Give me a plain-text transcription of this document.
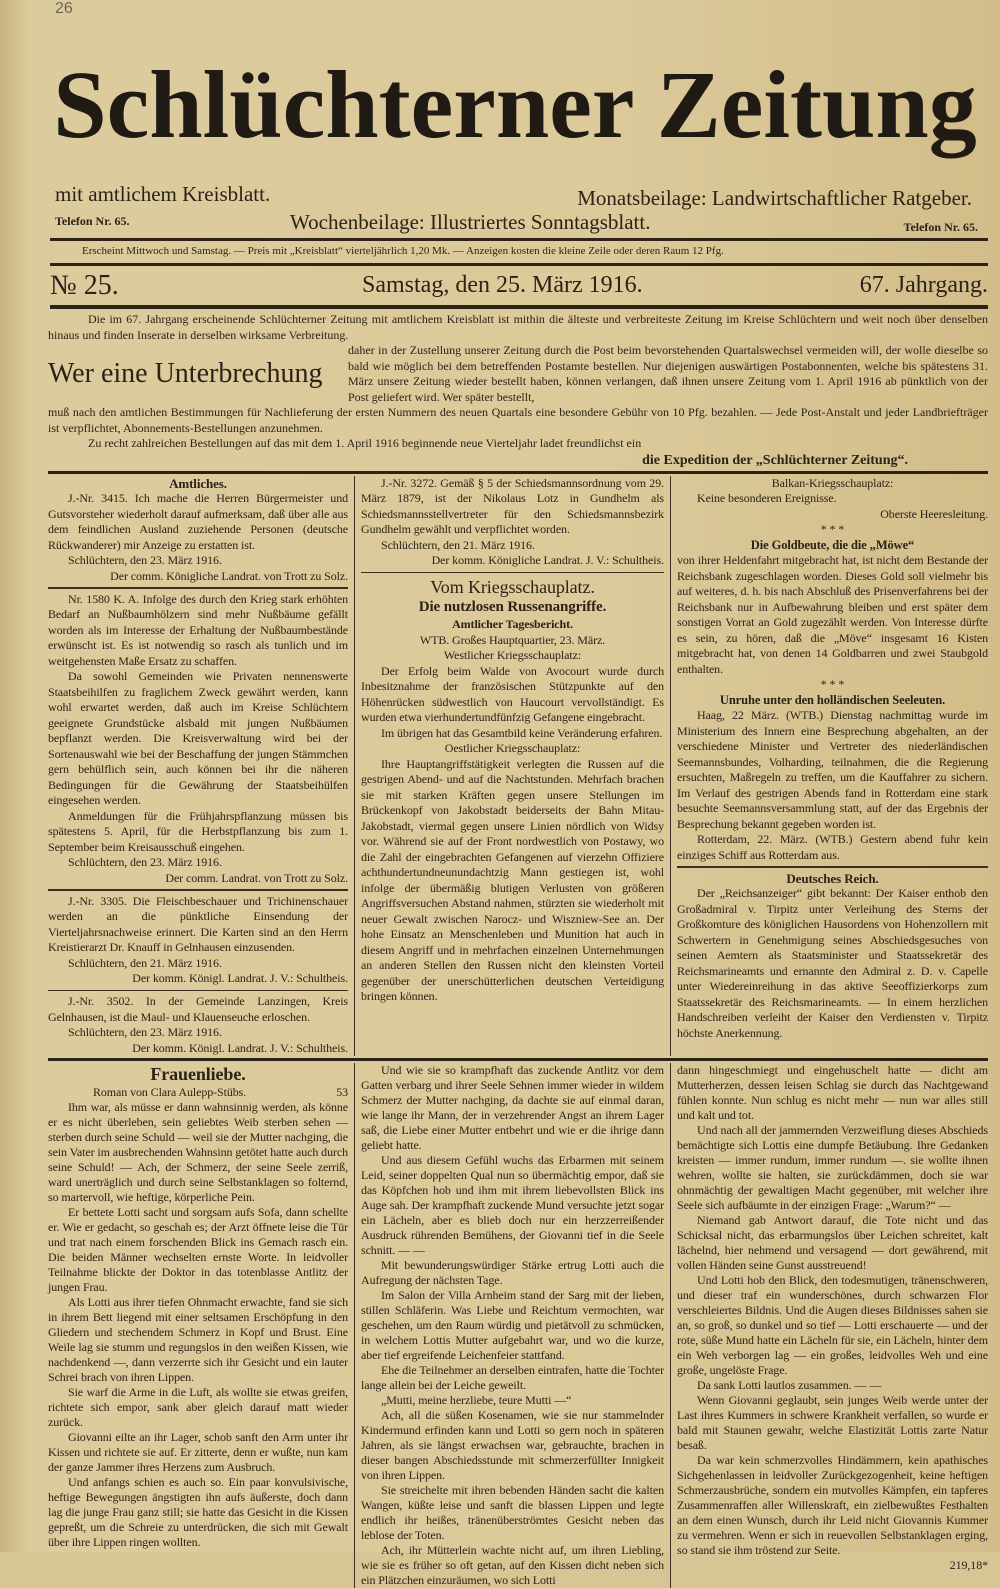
26
Schlüchterner Zeitung
mit amtlichem Kreisblatt.	Monatsbeilage: Landwirtschaftlicher Ratgeber.
Telefon Nr. 65.	Wochenbeilage: Illustriertes Sonntagsblatt.	Telefon Nr. 65.
Erscheint Mittwoch und Samstag. — Preis mit „Kreisblatt“ vierteljährlich 1,20 Mk. — Anzeigen kosten die kleine Zeile oder deren Raum 12 Pfg.
№ 25.	Samstag, den 25. März 1916.	67. Jahrgang.

Die im 67. Jahrgang erscheinende Schlüchterner Zeitung mit amtlichem Kreisblatt ist mithin die älteste und verbreiteste Zeitung im Kreise Schlüchtern und weit noch über denselben hinaus und finden Inserate in derselben wirksame Verbreitung.

Wer eine Unterbrechung
daher in der Zustellung unserer Zeitung durch die Post beim bevorstehenden Quartalswechsel vermeiden will, der wolle dieselbe so bald wie möglich bei dem betreffenden Postamte bestellen. Nur diejenigen auswärtigen Postabonnenten, welche bis spätestens 31. März unsere Zeitung wieder bestellt haben, können verlangen, daß ihnen unsere Zeitung vom 1. April 1916 ab pünktlich von der Post geliefert wird. Wer später bestellt,
muß nach den amtlichen Bestimmungen für Nachlieferung der ersten Nummern des neuen Quartals eine besondere Gebühr von 10 Pfg. bezahlen. — Jede Post-Anstalt und jeder Landbriefträger ist verpflichtet, Abonnements-Bestellungen anzunehmen.

Zu recht zahlreichen Bestellungen auf das mit dem 1. April 1916 beginnende neue Vierteljahr ladet freundlichst ein

die Expedition der „Schlüchterner Zeitung“.
Amtliches.

J.-Nr. 3415. Ich mache die Herren Bürgermeister und Gutsvorsteher wiederholt darauf aufmerksam, daß über alle aus dem feindlichen Ausland zuziehende Personen (deutsche Rückwanderer) mir Anzeige zu erstatten ist.

Schlüchtern, den 23. März 1916.

Der comm. Königliche Landrat. von Trott zu Solz.

Nr. 1580 K. A. Infolge des durch den Krieg stark erhöhten Bedarf an Nußbaumhölzern sind mehr Nußbäume gefällt worden als im Interesse der Erhaltung der Nußbaumbestände erwünscht ist. Es ist notwendig so rasch als tunlich und im weitgehensten Maße Ersatz zu schaffen.

Da sowohl Gemeinden wie Privaten nennenswerte Staatsbeihilfen zu fraglichem Zweck gewährt werden, kann wohl erwartet werden, daß auch im Kreise Schlüchtern geeignete Grundstücke alsbald mit jungen Nußbäumen bepflanzt werden. Die Kreisverwaltung wird bei der Sortenauswahl wie bei der Beschaffung der jungen Stämmchen gern behülflich sein, auch können bei ihr die näheren Bedingungen für die Gewährung der Staatsbeihülfen eingesehen werden.

Anmeldungen für die Frühjahrspflanzung müssen bis spätestens 5. April, für die Herbstpflanzung bis zum 1. September beim Kreisausschuß eingehen.

Schlüchtern, den 23. März 1916.

Der comm. Landrat. von Trott zu Solz.

J.-Nr. 3305. Die Fleischbeschauer und Trichinenschauer werden an die pünktliche Einsendung der Vierteljahrsnachweise erinnert. Die Karten sind an den Herrn Kreistierarzt Dr. Knauff in Gelnhausen einzusenden.

Schlüchtern, den 21. März 1916.

Der komm. Königl. Landrat. J. V.: Schultheis.

J.-Nr. 3502. In der Gemeinde Lanzingen, Kreis Gelnhausen, ist die Maul- und Klauenseuche erloschen.

Schlüchtern, den 23. März 1916.

Der komm. Königl. Landrat. J. V.: Schultheis.

J.-Nr. 3272. Gemäß § 5 der Schiedsmannsordnung vom 29. März 1879, ist der Nikolaus Lotz in Gundhelm als Schiedsmannsstellvertreter für den Schiedsmannsbezirk Gundhelm gewählt und verpflichtet worden.

Schlüchtern, den 21. März 1916.

Der komm. Königliche Landrat. J. V.: Schultheis.
Vom Kriegsschauplatz.
Die nutzlosen Russenangriffe.
Amtlicher Tagesbericht.
WTB. Großes Hauptquartier, 23. März.
Westlicher Kriegsschauplatz:

Der Erfolg beim Walde von Avocourt wurde durch Inbesitznahme der französischen Stützpunkte auf den Höhenrücken südwestlich von Haucourt vervollständigt. Es wurden etwa vierhundertundfünfzig Gefangene eingebracht.

Im übrigen hat das Gesamtbild keine Veränderung erfahren.

Oestlicher Kriegsschauplatz:

Ihre Hauptangriffstätigkeit verlegten die Russen auf die gestrigen Abend- und auf die Nachtstunden. Mehrfach brachen sie mit starken Kräften gegen unsere Stellungen im Brückenkopf von Jakobstadt beiderseits der Bahn Mitau-Jakobstadt, viermal gegen unsere Linien nördlich von Widsy vor. Während sie auf der Front nordwestlich von Postawy, wo die Zahl der eingebrachten Gefangenen auf vierzehn Offiziere achthundertundneunundachtzig Mann gestiegen ist, wohl infolge der übermäßig blutigen Verlusten von größeren Angriffsversuchen Abstand nahmen, stürzten sie wiederholt mit neuer Gewalt zwischen Narocz- und Wiszniew-See an. Der hohe Einsatz an Menschenleben und Munition hat auch in diesem Angriff und in mehrfachen einzelnen Unternehmungen an anderen Stellen den Russen nicht den kleinsten Vorteil gegenüber der unerschütterlichen deutschen Verteidigung bringen können.

Balkan-Kriegsschauplatz:

Keine besonderen Ereignisse.

Oberste Heeresleitung.
* * *
Die Goldbeute, die die „Möwe“
von ihrer Heldenfahrt mitgebracht hat, ist nicht dem Bestande der Reichsbank zugeschlagen worden. Dieses Gold soll vielmehr bis auf weiteres, d. h. bis nach Abschluß des Prisenverfahrens bei der Reichsbank nur in Aufbewahrung bleiben und erst später dem sonstigen Vorrat an Gold zugezählt werden. Von Interesse dürfte es sein, zu hören, daß die „Möve“ insgesamt 16 Kisten mitgebracht hat, von denen 14 Goldbarren und zwei Staubgold enthalten.
* * *
Unruhe unter den holländischen Seeleuten.

Haag, 22 März. (WTB.) Dienstag nachmittag wurde im Ministerium des Innern eine Besprechung abgehalten, an der verschiedene Minister und Vertreter des niederländischen Seemannsbundes, Volharding, teilnahmen, die die Regierung ersuchten, Maßregeln zu treffen, um die Kauffahrer zu sichern. Im Verlauf des gestrigen Abends fand in Rotterdam eine stark besuchte Seemannsversammlung statt, auf der das Ergebnis der Besprechung bekannt gegeben worden ist.

Rotterdam, 22. März. (WTB.) Gestern abend fuhr kein einziges Schiff aus Rotterdam aus.

Deutsches Reich.

Der „Reichsanzeiger“ gibt bekannt: Der Kaiser enthob den Großadmiral v. Tirpitz unter Verleihung des Sterns der Großkomture des königlichen Hausordens von Hohenzollern mit Schwertern in Genehmigung seines Abschiedsgesuches von seinen Aemtern als Staatsminister und Staatssekretär des Reichsmarineamts und ernannte den Admiral z. D. v. Capelle unter Wiedereinreihung in das aktive Seeoffizierkorps zum Staatssekretär des Reichsmarineamts. — In einem herzlichen Handschreiben verleiht der Kaiser den Verdiensten v. Tirpitz höchste Anerkennung.

Frauenliebe.
Roman von Clara Aulepp-Stübs.	53

Ihm war, als müsse er dann wahnsinnig werden, als könne er es nicht überleben, sein geliebtes Weib sterben sehen — sterben durch seine Schuld — weil sie der Mutter nachging, die sein Vater im ausbrechenden Wahnsinn getötet hatte auch durch seine Schuld! — Ach, der Schmerz, der seine Seele zerriß, ward unerträglich und durch seine Selbstanklagen so folternd, so martervoll, wie heftige, körperliche Pein.

Er bettete Lotti sacht und sorgsam aufs Sofa, dann schellte er. Wie er gedacht, so geschah es; der Arzt öffnete leise die Tür und trat nach einem forschenden Blick ins Gemach rasch ein. Die beiden Männer wechselten ernste Worte. In leidvoller Teilnahme blickte der Doktor in das totenblasse Antlitz der jungen Frau.

Als Lotti aus ihrer tiefen Ohnmacht erwachte, fand sie sich in ihrem Bett liegend mit einer seltsamen Erschöpfung in den Gliedern und stechendem Schmerz in Kopf und Brust. Eine Weile lag sie stumm und regungslos in den weißen Kissen, wie nachdenkend —, dann verzerrte sich ihr Gesicht und ein lauter Schrei brach von ihren Lippen.

Sie warf die Arme in die Luft, als wollte sie etwas greifen, richtete sich empor, sank aber gleich darauf matt wieder zurück.

Giovanni eilte an ihr Lager, schob sanft den Arm unter ihr Kissen und richtete sie auf. Er zitterte, denn er wußte, nun kam der ganze Jammer ihres Herzens zum Ausbruch.

Und anfangs schien es auch so. Ein paar konvulsivische, heftige Bewegungen ängstigten ihn aufs äußerste, doch dann lag die junge Frau ganz still; sie hatte das Gesicht in die Kissen gepreßt, um die Schreie zu unterdrücken, die sich mit Gewalt über ihre Lippen ringen wollten.

Und wie sie so krampfhaft das zuckende Antlitz vor dem Gatten verbarg und ihrer Seele Sehnen immer wieder in wildem Schmerz der Mutter nachging, da dachte sie auf einmal daran, wie lange ihr Mann, der in verzehrender Angst an ihrem Lager saß, die Liebe einer Mutter entbehrt und wie er die ihrige dann geliebt hatte.

Und aus diesem Gefühl wuchs das Erbarmen mit seinem Leid, seiner doppelten Qual nun so übermächtig empor, daß sie das Köpfchen hob und ihm mit ihrem liebevollsten Blick ins Auge sah. Der krampfhaft zuckende Mund versuchte jetzt sogar ein Lächeln, aber es blieb doch nur ein herzzerreißender Ausdruck rührenden Bemühens, der Giovanni tief in die Seele schnitt. — —

Mit bewunderungswürdiger Stärke ertrug Lotti auch die Aufregung der nächsten Tage.

Im Salon der Villa Arnheim stand der Sarg mit der lieben, stillen Schläferin. Was Liebe und Reichtum vermochten, war geschehen, um den Raum würdig und pietätvoll zu schmücken, in welchem Lottis Mutter aufgebahrt war, und wo die kurze, aber tief ergreifende Leichenfeier stattfand.

Ehe die Teilnehmer an derselben eintrafen, hatte die Tochter lange allein bei der Leiche geweilt.

„Mutti, meine herzliebe, teure Mutti —“

Ach, all die süßen Kosenamen, wie sie nur stammelnder Kindermund erfinden kann und Lotti so gern noch in späteren Jahren, als sie längst erwachsen war, gebrauchte, brachen in dieser bangen Abschiedsstunde mit schmerzerfüllter Innigkeit von ihren Lippen.

Sie streichelte mit ihren bebenden Händen sacht die kalten Wangen, küßte leise und sanft die blassen Lippen und legte endlich ihr heißes, tränenüberströmtes Gesicht neben das leblose der Toten.

Ach, ihr Mütterlein wachte nicht auf, um ihren Liebling, wie sie es früher so oft getan, auf den Kissen dicht neben sich ein Plätzchen einzuräumen, wo sich Lotti

dann hingeschmiegt und eingehuschelt hatte — dicht am Mutterherzen, dessen leisen Schlag sie durch das Nachtgewand fühlen konnte. Nun schlug es nicht mehr — nun war alles still und kalt und tot.

Und nach all der jammernden Verzweiflung dieses Abschieds bemächtigte sich Lottis eine dumpfe Betäubung. Ihre Gedanken kreisten — immer rundum, immer rundum —. sie wollte ihnen wehren, wollte sie halten, sie zurückdämmen, doch sie war ohnmächtig der gewaltigen Macht gegenüber, mit welcher ihre Seele sich aufbäumte in der einzigen Frage: „Warum?“ —

Niemand gab Antwort darauf, die Tote nicht und das Schicksal nicht, das erbarmungslos über Leichen schreitet, kalt lächelnd, hier nehmend und versagend — dort gewährend, mit vollen Händen seine Gunst ausstreuend!

Und Lotti hob den Blick, den todesmutigen, tränenschweren, und dieser traf ein wunderschönes, durch schwarzen Flor verschleiertes Bildnis. Und die Augen dieses Bildnisses sahen sie an, so groß, so dunkel und so tief — Lotti erschauerte — und der rote, süße Mund hatte ein Lächeln für sie, ein Lächeln, hinter dem ein Weh verborgen lag — ein großes, leidvolles Weh und eine große, ungelöste Frage.

Da sank Lotti lautlos zusammen. — —

Wenn Giovanni geglaubt, sein junges Weib werde unter der Last ihres Kummers in schwere Krankheit verfallen, so wurde er bald mit Staunen gewahr, welche Elastizität Lottis zarte Natur besaß.

Da war kein schmerzvolles Hindämmern, kein apathisches Sichgehenlassen in leidvoller Zurückgezogenheit, keine heftigen Schmerzausbrüche, sondern ein mutvolles Kämpfen, ein tapferes Zusammenraffen aller Willenskraft, ein zielbewußtes Festhalten an dem einen Wunsch, durch ihr Leid nicht Giovannis Kummer zu vermehren. Wenn er sich in reuevollen Selbstanklagen erging, so stand sie ihm tröstend zur Seite.

219,18*
